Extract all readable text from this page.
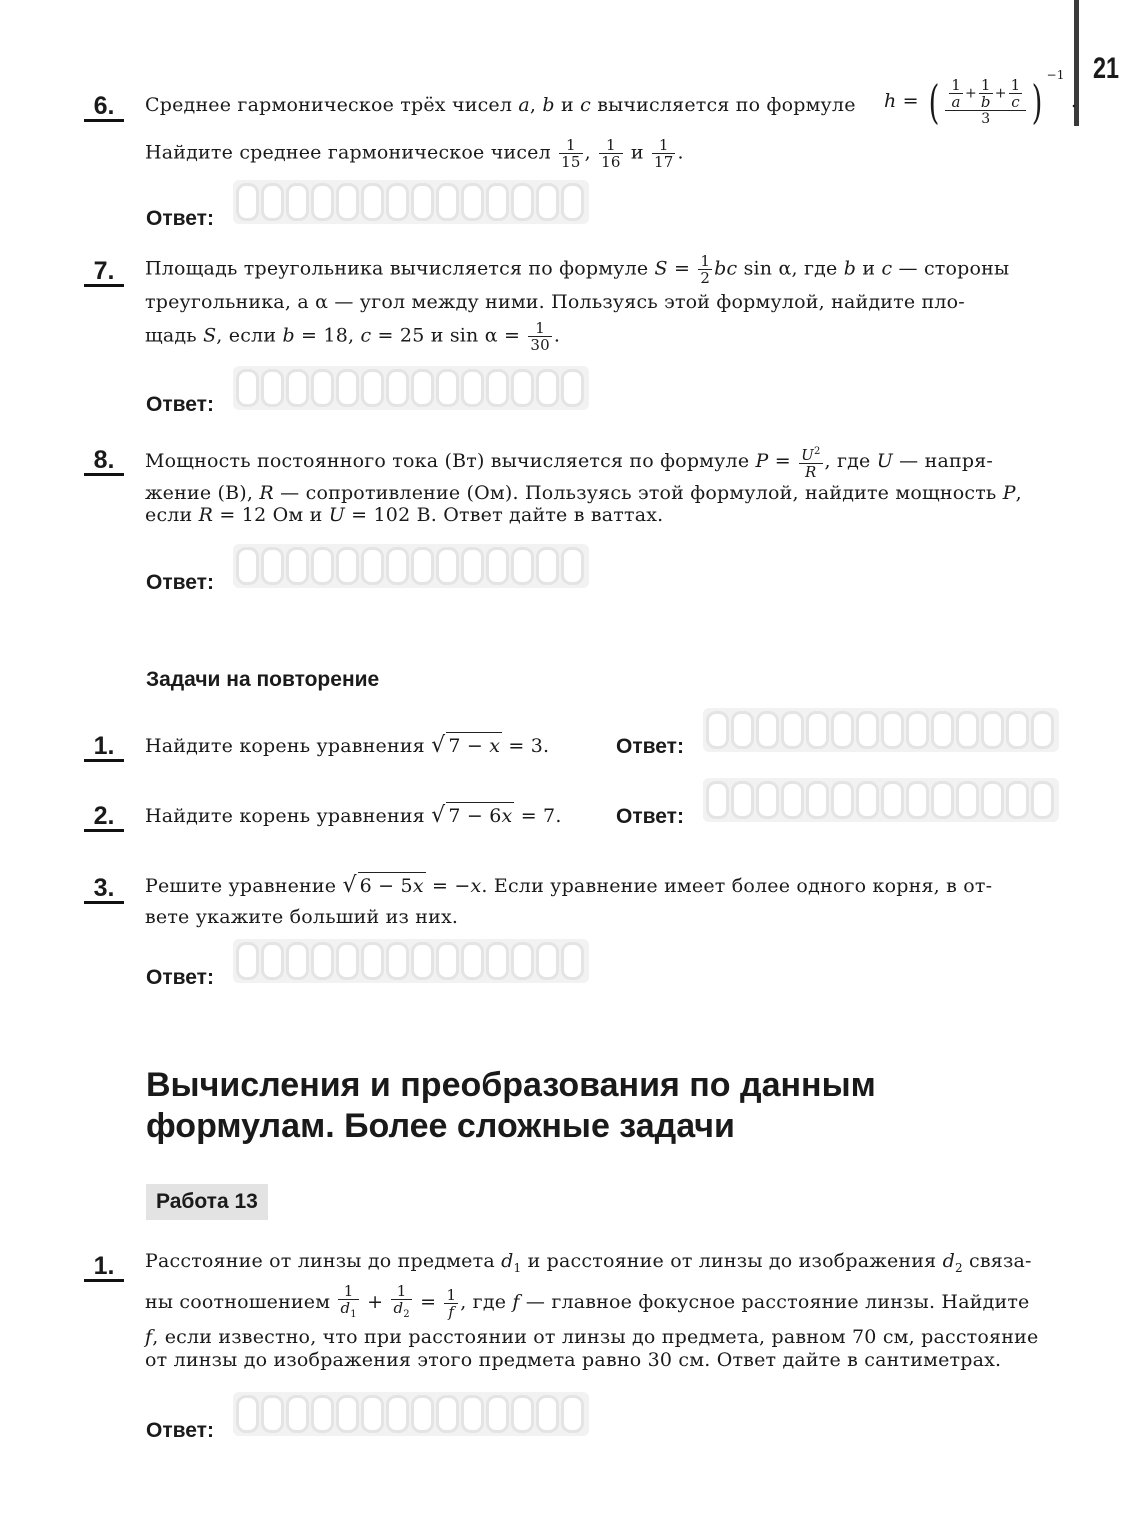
21
6.	Среднее гармоническое трёх чисел a, b и c вычисляется по формуле h = ( $\frac{\frac{1}{a} + \frac{1}{b} + \frac{1}{c}}{3}$ ) $^{-1}$ .
Найдите среднее гармоническое чисел $\frac{1}{15}$ , $\frac{1}{16}$ и $\frac{1}{17}$ .
Ответ:
7.	Площадь треугольника вычисляется по формуле $S = \frac{1}{2}$ bc sin α, где b и c — стороны
треугольника, а α — угол между ними. Пользуясь этой формулой, найдите пло-
щадь S, если b = 18, c = 25 и $\sin \alpha = \frac{1}{30}$ .
Ответ:
8.	Мощность постоянного тока (Вт) вычисляется по формуле $P = \frac{U^2}{R}$ , где U — напря-
жение (В), R — сопротивление (Ом). Пользуясь этой формулой, найдите мощность P,
если R = 12 Ом и U = 102 В. Ответ дайте в ваттах.
Ответ:
Задачи на повторение
1.	Найдите корень уравнения √ 7 − x = 3.	Ответ:
2.	Найдите корень уравнения √ 7 − 6x = 7.	Ответ:
3.	Решите уравнение √ 6 − 5x = −x. Если уравнение имеет более одного корня, в от-
вете укажите больший из них.
Ответ:
Вычисления и преобразования по данным
формулам. Более сложные задачи
Работа 13
1.	Расстояние от линзы до предмета $d_1$ и расстояние от линзы до изображения $d_2$ связа-
ны соотношением $\frac{1}{d_1} + \frac{1}{d_2} = \frac{1}{f}$ , где f — главное фокусное расстояние линзы. Найдите
f, если известно, что при расстоянии от линзы до предмета, равном 70 см, расстояние
от линзы до изображения этого предмета равно 30 см. Ответ дайте в сантиметрах.
Ответ:
